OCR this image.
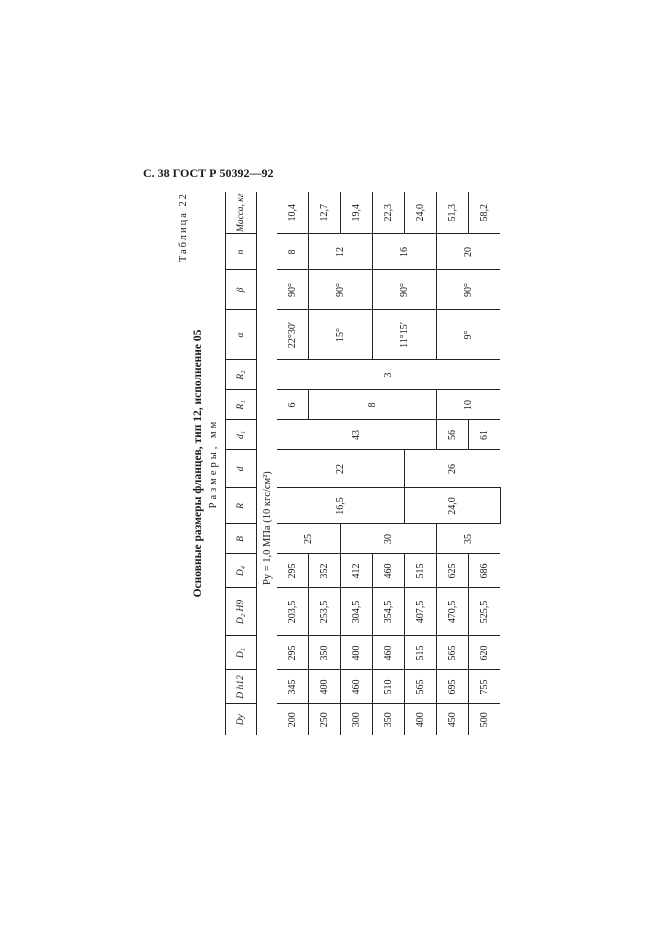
С. 38 ГОСТ Р 50392—92
Таблица 22
Основные размеры фланцев, тип 12, исполнение 05 Размеры, мм
Dy	D h12	D₁	D₂ H9	D₄	B	R	d	d₁	R₁	R₂	α	β	n	Масса, кг
Pу = 1,0 МПа (10 кгс/см²)														
200	345	295	203,5	295	25	16,5	22	43	6	3	22°30′	90°	8	10,4
250	400	350	253,5	352					8		15°	90°	12	12,7
300	460	400	304,5	412	30									19,4
350	510	460	354,5	460							11°15′	90°	16	22,3
400	565	515	407,5	515		24,0	26							24,0
450	695	565	470,5	625	35			56	10		9°	90°	20	51,3
500	755	620	525,5	686				61						58,2
